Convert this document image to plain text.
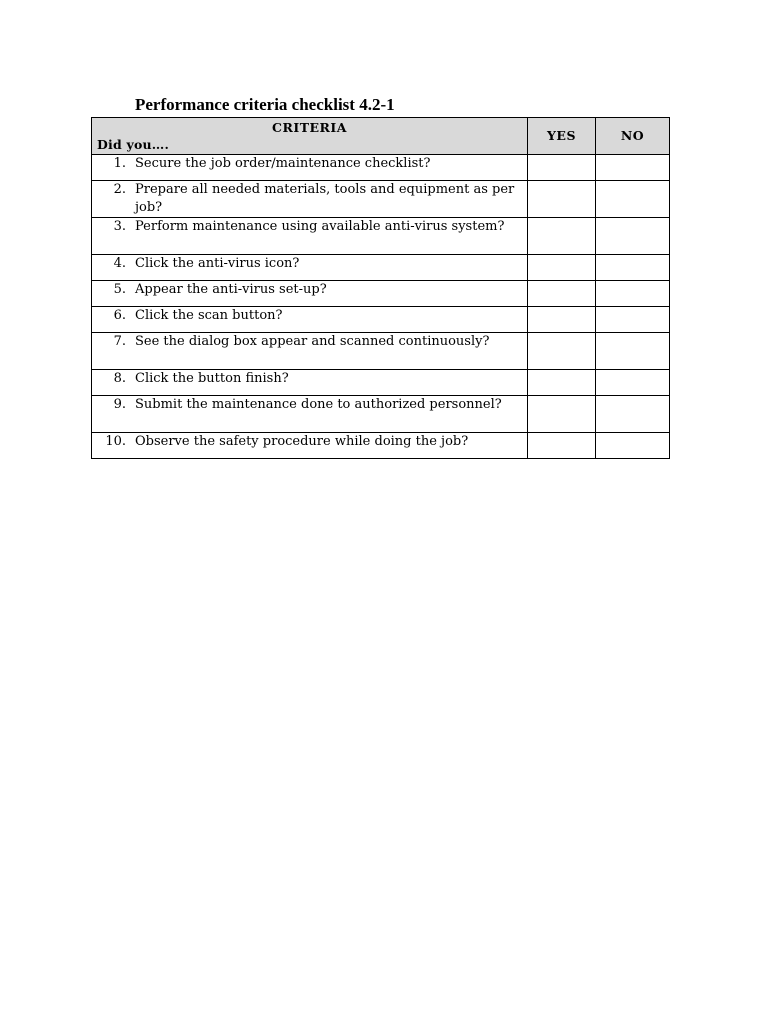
Performance criteria checklist 4.2-1
CRITERIA
Did you….	YES	NO

1. Secure the job order/maintenance checklist?		

2. Prepare all needed materials, tools and equipment as per job?		

3. Perform maintenance using available anti-virus system?		

4. Click the anti-virus icon?		

5. Appear the anti-virus set-up?		

6. Click the scan button?		

7. See the dialog box appear and scanned continuously?		

8. Click the button finish?		

9. Submit the maintenance done to authorized personnel?		

10. Observe the safety procedure while doing the job?		
